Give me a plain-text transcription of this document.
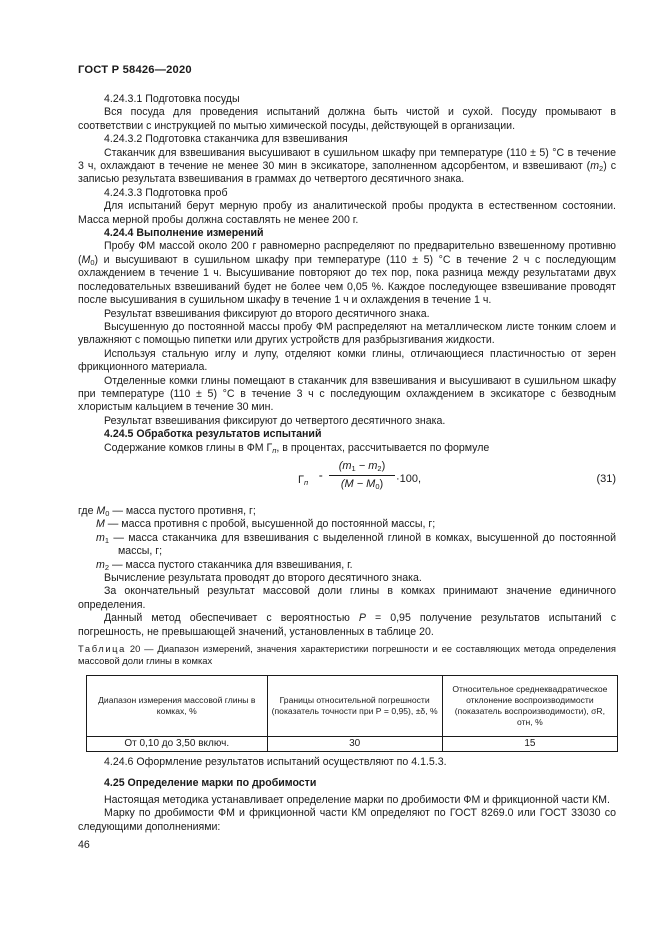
ГОСТ Р 58426—2020

4.24.3.1 Подготовка посуды

Вся посуда для проведения испытаний должна быть чистой и сухой. Посуду промывают в соответствии с инструкцией по мытью химической посуды, действующей в организации.

4.24.3.2 Подготовка стаканчика для взвешивания

Стаканчик для взвешивания высушивают в сушильном шкафу при температуре (110 ± 5) °С в течение 3 ч, охлаждают в течение не менее 30 мин в эксикаторе, заполненном адсорбентом, и взвешивают $(m_2)$ с записью результата взвешивания в граммах до четвертого десятичного знака.

4.24.3.3 Подготовка проб

Для испытаний берут мерную пробу из аналитической пробы продукта в естественном состоянии. Масса мерной пробы должна составлять не менее 200 г.

4.24.4 Выполнение измерений

Пробу ФМ массой около 200 г равномерно распределяют по предварительно взвешенному противню $(M_0)$ и высушивают в сушильном шкафу при температуре (110 ± 5) °С в течение 2 ч с последующим охлаждением в течение 1 ч. Высушивание повторяют до тех пор, пока разница между результатами двух последовательных взвешиваний будет не более чем 0,05 %. Каждое последующее взвешивание проводят после высушивания в сушильном шкафу в течение 1 ч и охлаждения в течение 1 ч.

Результат взвешивания фиксируют до второго десятичного знака.

Высушенную до постоянной массы пробу ФМ распределяют на металлическом листе тонким слоем и увлажняют с помощью пипетки или других устройств для разбрызгивания жидкости.

Используя стальную иглу и лупу, отделяют комки глины, отличающиеся пластичностью от зерен фрикционного материала.

Отделенные комки глины помещают в стаканчик для взвешивания и высушивают в сушильном шкафу при температуре (110 ± 5) °С в течение 3 ч с последующим охлаждением в эксикаторе с безводным хлористым кальцием в течение 30 мин.

Результат взвешивания фиксируют до четвертого десятичного знака.

4.24.5 Обработка результатов испытаний

Содержание комков глины в ФМ $Г_п$, в процентах, рассчитывается по формуле

$Г_п$
= $\frac{(m_1 - m_2)}{(M - M_0)} \cdot 100$,	(31)

где $M_0$ — масса пустого противня, г;

M — масса противня с пробой, высушенной до постоянной массы, г;

$m_1$ — масса стаканчика для взвешивания с выделенной глиной в комках, высушенной до постоянной массы, г;

$m_2$ — масса пустого стаканчика для взвешивания, г.

Вычисление результата проводят до второго десятичного знака.

За окончательный результат массовой доли глины в комках принимают значение единичного определения.

Данный метод обеспечивает с вероятностью Р = 0,95 получение результатов испытаний с погрешность, не превышающей значений, установленных в таблице 20.

Таблица 20 — Диапазон измерений, значения характеристики погрешности и ее составляющих метода определения массовой доли глины в комках

Диапазон измерения массовой глины в комках, %	Границы относительной погрешности (показатель точности при Р = 0,95), ±δ, %	Относительное среднеквадратическое отклонение воспроизводимости (показатель воспроизводимости), σR, отн, %
От 0,10 до 3,50 включ.	30	15

4.24.6 Оформление результатов испытаний осуществляют по 4.1.5.3.

4.25 Определение марки по дробимости

Настоящая методика устанавливает определение марки по дробимости ФМ и фрикционной части КМ.

Марку по дробимости ФМ и фрикционной части КМ определяют по ГОСТ 8269.0 или ГОСТ 33030 со следующими дополнениями:

46
